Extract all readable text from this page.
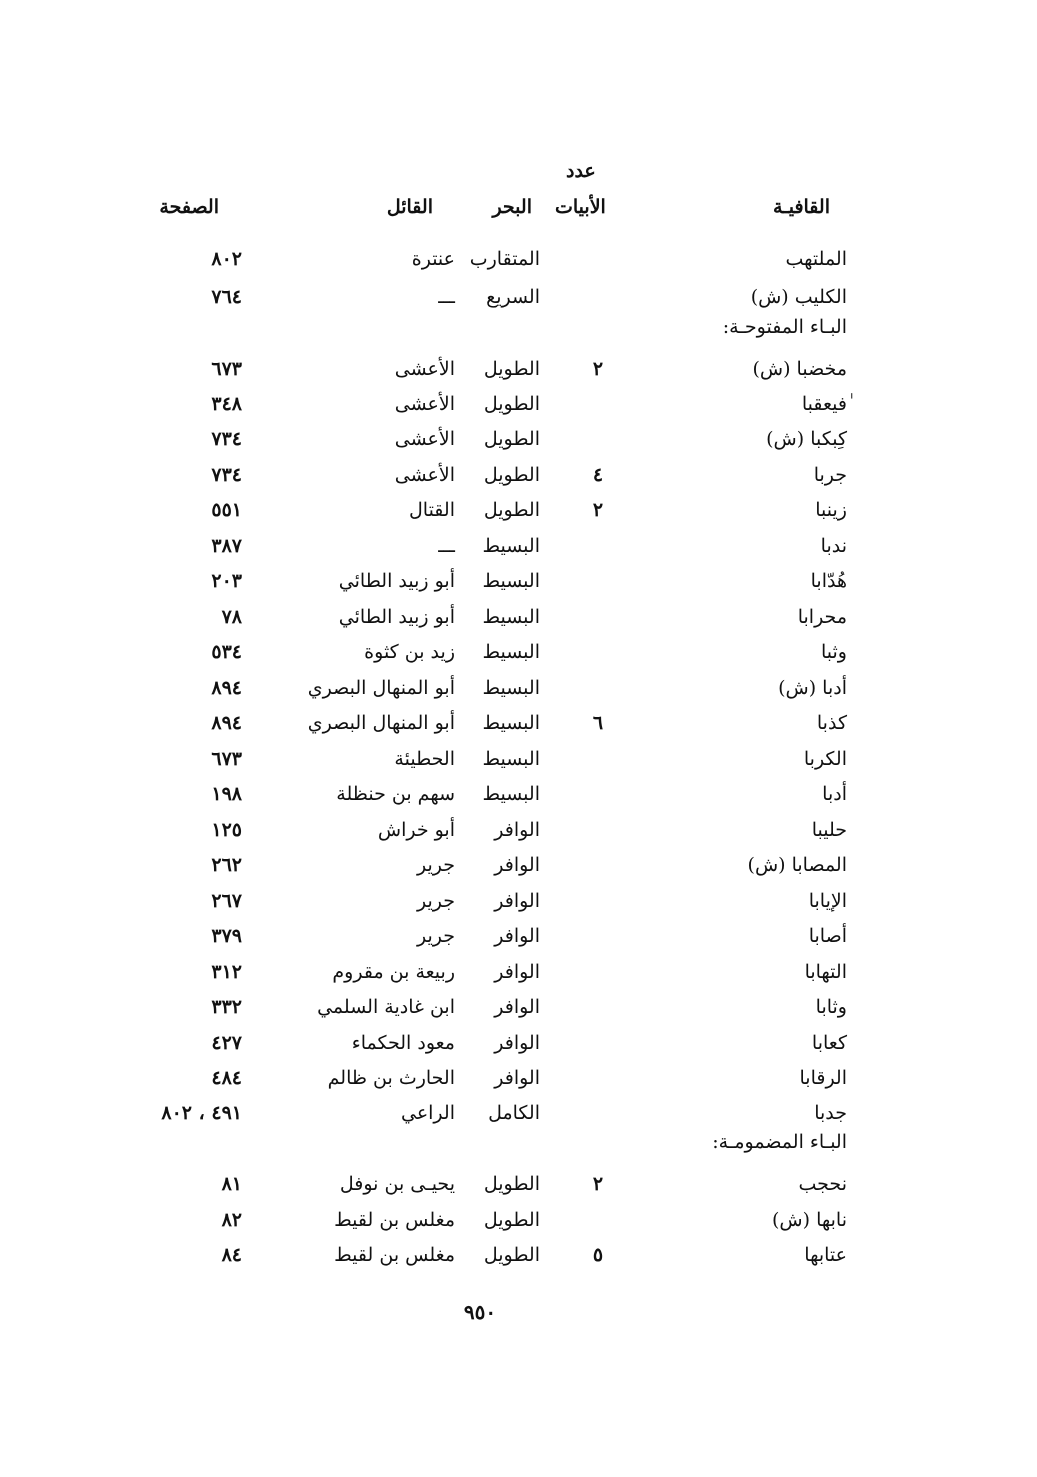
عدد
الأبيات	القافيـة
البحر
القائل
الصفحة
البـاء المفتوحـة:
البـاء المضمومـة:
الملتهب
المتقارب
عنترة
٨٠٢
الكليب (ش)
السريع
ـــ
٧٦٤
مخضبا (ش)
٢
الطويل
الأعشى
٦٧٣
ٰفيعقبا
الطويل
الأعشى
٣٤٨
كِبكبا (ش)
الطويل
الأعشى
٧٣٤
جربا
٤
الطويل
الأعشى
٧٣٤
زينبا
٢
الطويل
القتال
٥٥١
ندبا
البسيط
ـــ
٣٨٧
هُدّابا
البسيط
أبو زبيد الطائي
٢٠٣
محرابا
البسيط
أبو زبيد الطائي
٧٨
وثبا
البسيط
زيد بن كثوة
٥٣٤
أدبا (ش)
البسيط
أبو المنهال البصري
٨٩٤
كذبا
٦
البسيط
أبو المنهال البصري
٨٩٤
الكربا
البسيط
الحطيئة
٦٧٣
أدبا
البسيط
سهم بن حنظلة
١٩٨
حليبا
الوافر
أبو خراش
١٢٥
المصابا (ش)
الوافر
جرير
٢٦٢
الإيابا
الوافر
جرير
٢٦٧
أصابا
الوافر
جرير
٣٧٩
التهابا
الوافر
ربيعة بن مقروم
٣١٢
وثابا
الوافر
ابن غادية السلمي
٣٣٢
كعابا
الوافر
معود الحكماء
٤٢٧
الرقابا
الوافر
الحارث بن ظالم
٤٨٤
جدبا
الكامل
الراعي
٤٩١ ، ٨٠٢
نحجب
٢
الطويل
يحيـى بن نوفل
٨١
نابها (ش)
الطويل
مغلس بن لقيط
٨٢
عتابها
٥
الطويل
مغلس بن لقيط
٨٤
٩٥٠
